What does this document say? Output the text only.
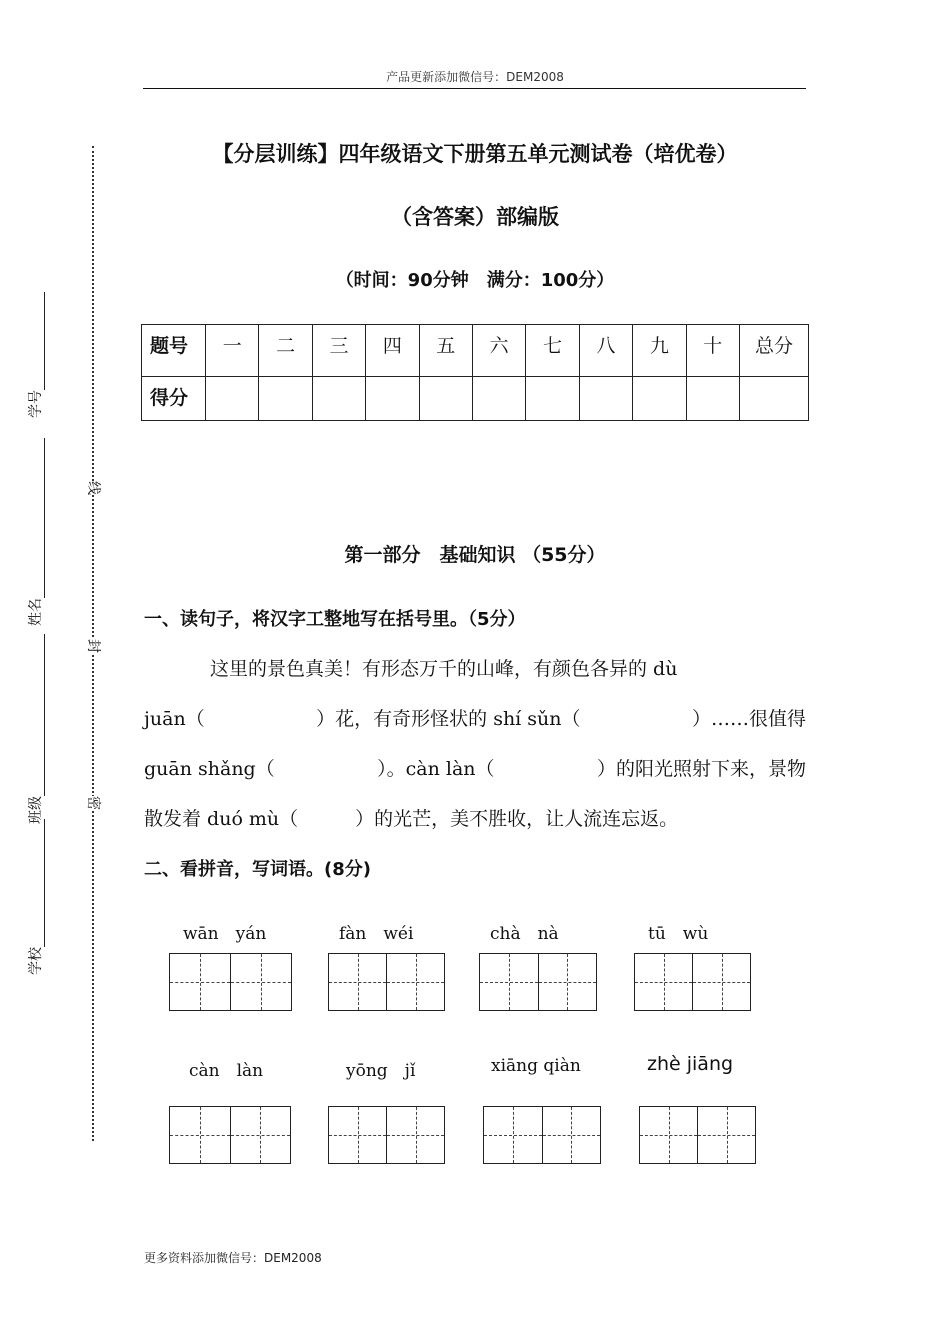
产品更新添加微信号：DEM2008
线
封
密
学号
姓名
班级
学校
【分层训练】四年级语文下册第五单元测试卷（培优卷）
（含答案）部编版
（时间：90分钟　满分：100分）
题号	一	二	三	四	五	六	七	八	九	十	总分
得分											
第一部分　基础知识 （55分）
一、读句子，将汉字工整地写在括号里。（5分）
这里的景色真美！有形态万千的山峰，有颜色各异的 dù
juān（	）花，有奇形怪状的 shí sǔn（	）……很值得
guān shǎng（	）。càn làn（	）的阳光照射下来，景物
散发着 duó mù（　　　）的光芒，美不胜收，让人流连忘返。
二、看拼音，写词语。(8分)
wān　yán	fàn　wéi	chà　nà	tū　wù
càn　làn	yōng　jǐ	xiāng qiàn	zhè jiāng
更多资料添加微信号：DEM2008
